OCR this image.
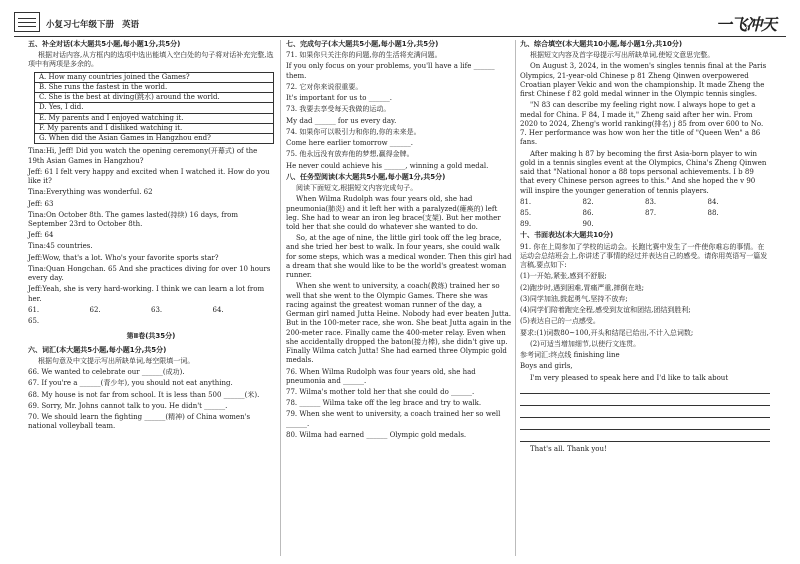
小复习七年级下册 英语	一飞冲天
五、补全对话(本大题共5小题,每小题1分,共5分)
根据对话内容,从方框内的选项中选出能填入空白处的句子将对话补充完整,选项中有两项是多余的。
A. How many countries joined the Games?
B. She runs the fastest in the world.
C. She is the best at diving(跳水) around the world.
D. Yes, I did.
E. My parents and I enjoyed watching it.
F. My parents and I disliked watching it.
G. When did the Asian Games in Hangzhou end?
Tina:Hi, Jeff! Did you watch the opening ceremony(开幕式) of the 19th Asian Games in Hangzhou?
Jeff: 61 I felt very happy and excited when I watched it. How do you like it?
Tina:Everything was wonderful. 62
Jeff: 63
Tina:On October 8th. The games lasted(持续) 16 days, from September 23rd to October 8th.
Jeff: 64
Tina:45 countries.
Jeff:Wow, that's a lot. Who's your favorite sports star?
Tina:Quan Hongchan. 65 And she practices diving for over 10 hours every day.
Jeff:Yeah, she is very hard-working. I think we can learn a lot from her.
61.	62.	63.	64.
65.
第Ⅱ卷(共35分)
六、词汇(本大题共5小题,每小题1分,共5分)
根据句意及中文提示写出所缺单词,每空限填一词。
66. We wanted to celebrate our ______(成功).
67. If you're a ______(青少年), you should not eat anything.
68. My house is not far from school. It is less than 500 ______(米).
69. Sorry, Mr. Johns cannot talk to you. He didn't ______.
70. We should learn the fighting ______(精神) of China women's national volleyball team.
七、完成句子(本大题共5小题,每小题1分,共5分)
71. 如果你只关注你的问题,你的生活将充满问题。
If you only focus on your problems, you'll have a life ______ them.
72. 它对你来说很重要。
It's important for us to ______.
73. 我要去享受每天我做的运动。
My dad ______ for us every day.
74. 如果你可以吸引力和你的,你的未来是。
Come here earlier tomorrow ______.
75. 他永远没有放弃他的梦想,赢得金牌。
He never could achieve his ______, winning a gold medal.
八、任务型阅读(本大题共5小题,每小题1分,共5分)
阅读下面短文,根据短文内容完成句子。
When Wilma Rudolph was four years old, she had pneumonia(肺炎) and it left her with a paralyzed(瘫痪的) left leg. She had to wear an iron leg brace(支架). But her mother told her that she could do whatever she wanted to do.
So, at the age of nine, the little girl took off the leg brace, and she tried her best to walk. In four years, she could walk for some steps, which was a medical wonder. Then this girl had a dream that she would like to be the world's greatest woman runner.
When she went to university, a coach(教练) trained her so well that she went to the Olympic Games. There she was racing against the greatest woman runner of the day, a German girl named Jutta Heine. Nobody had ever beaten Jutta. But in the 100-meter race, she won. She beat Jutta again in the 200-meter race. Finally came the 400-meter relay. Even when she accidentally dropped the baton(接力棒), she didn't give up. Finally Wilma catch Jutta! She had earned three Olympic gold medals.
76. When Wilma Rudolph was four years old, she had pneumonia and ______.
77. Wilma's mother told her that she could do ______.
78. ______ Wilma take off the leg brace and try to walk.
79. When she went to university, a coach trained her so well ______.
80. Wilma had earned ______ Olympic gold medals.
九、综合填空(本大题共10小题,每小题1分,共10分)
根据短文内容及首字母提示写出所缺单词,使短文意思完整。
On August 3, 2024, in the women's singles tennis final at the Paris Olympics, 21-year-old Chinese p 81 Zheng Qinwen overpowered Croatian player Vekic and won the championship. It made Zheng the first Chinese f 82 gold medal winner in the Olympic tennis singles.
"N 83 can describe my feeling right now. I always hope to get a medal for China. F 84, I made it," Zheng said after her win. From 2020 to 2024, Zheng's world ranking(排名) j 85 from over 600 to No. 7. Her performance was how won her the title of "Queen Wen" a 86 fans.
After making h 87 by becoming the first Asia-born player to win gold in a tennis singles event at the Olympics, China's Zheng Qinwen said that "National honor a 88 tops personal achievements. I b 89 that every Chinese person agrees to this." And she hoped the v 90 will inspire the younger generation of tennis players.
81.	82.	83.	84.
85.	86.	87.	88.
89.	90.
十、书面表达(本大题共10分)
91. 你在上周参加了学校的运动会。长跑比赛中发生了一件使你难忘的事情。在运动会总结班会上,你讲述了事情的经过并表达自己的感受。请你用英语写一篇发言稿,要点如下:
(1)一开始,紧张,感到不舒服;
(2)跑步时,遇到困难,胃痛严重,摔倒在地;
(3)同学加油,鼓起勇气,坚持不放弃;
(4)同学们陪着跑完全程,感受到友谊和团结,团结到胜利;
(5)表达自己的一点感受。
要求:(1)词数80~100,开头和结尾已给出,不计入总词数;
(2)可适当增加细节,以使行文连贯。
参考词汇:终点线 finishing line
Boys and girls,
I'm very pleased to speak here and I'd like to talk about
That's all. Thank you!
